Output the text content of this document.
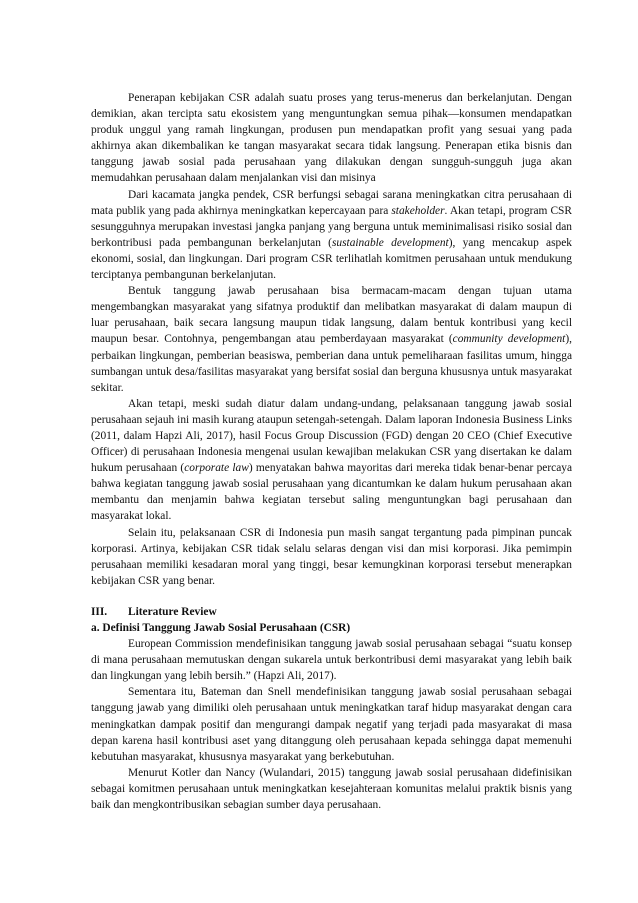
Penerapan kebijakan CSR adalah suatu proses yang terus-menerus dan berkelanjutan. Dengan demikian, akan tercipta satu ekosistem yang menguntungkan semua pihak—konsumen mendapatkan produk unggul yang ramah lingkungan, produsen pun mendapatkan profit yang sesuai yang pada akhirnya akan dikembalikan ke tangan masyarakat secara tidak langsung. Penerapan etika bisnis dan tanggung jawab sosial pada perusahaan yang dilakukan dengan sungguh-sungguh juga akan memudahkan perusahaan dalam menjalankan visi dan misinya

Dari kacamata jangka pendek, CSR berfungsi sebagai sarana meningkatkan citra perusahaan di mata publik yang pada akhirnya meningkatkan kepercayaan para stakeholder. Akan tetapi, program CSR sesungguhnya merupakan investasi jangka panjang yang berguna untuk meminimalisasi risiko sosial dan berkontribusi pada pembangunan berkelanjutan (sustainable development), yang mencakup aspek ekonomi, sosial, dan lingkungan. Dari program CSR terlihatlah komitmen perusahaan untuk mendukung terciptanya pembangunan berkelanjutan.

Bentuk tanggung jawab perusahaan bisa bermacam-macam dengan tujuan utama mengembangkan masyarakat yang sifatnya produktif dan melibatkan masyarakat di dalam maupun di luar perusahaan, baik secara langsung maupun tidak langsung, dalam bentuk kontribusi yang kecil maupun besar. Contohnya, pengembangan atau pemberdayaan masyarakat (community development), perbaikan lingkungan, pemberian beasiswa, pemberian dana untuk pemeliharaan fasilitas umum, hingga sumbangan untuk desa/fasilitas masyarakat yang bersifat sosial dan berguna khususnya untuk masyarakat sekitar.

Akan tetapi, meski sudah diatur dalam undang-undang, pelaksanaan tanggung jawab sosial perusahaan sejauh ini masih kurang ataupun setengah-setengah. Dalam laporan Indonesia Business Links (2011, dalam Hapzi Ali, 2017), hasil Focus Group Discussion (FGD) dengan 20 CEO (Chief Executive Officer) di perusahaan Indonesia mengenai usulan kewajiban melakukan CSR yang disertakan ke dalam hukum perusahaan (corporate law) menyatakan bahwa mayoritas dari mereka tidak benar-benar percaya bahwa kegiatan tanggung jawab sosial perusahaan yang dicantumkan ke dalam hukum perusahaan akan membantu dan menjamin bahwa kegiatan tersebut saling menguntungkan bagi perusahaan dan masyarakat lokal.

Selain itu, pelaksanaan CSR di Indonesia pun masih sangat tergantung pada pimpinan puncak korporasi. Artinya, kebijakan CSR tidak selalu selaras dengan visi dan misi korporasi. Jika pemimpin perusahaan memiliki kesadaran moral yang tinggi, besar kemungkinan korporasi tersebut menerapkan kebijakan CSR yang benar.

III.	Literature Review
a. Definisi Tanggung Jawab Sosial Perusahaan (CSR)

European Commission mendefinisikan tanggung jawab sosial perusahaan sebagai “suatu konsep di mana perusahaan memutuskan dengan sukarela untuk berkontribusi demi masyarakat yang lebih baik dan lingkungan yang lebih bersih.” (Hapzi Ali, 2017).

Sementara itu, Bateman dan Snell mendefinisikan tanggung jawab sosial perusahaan sebagai tanggung jawab yang dimiliki oleh perusahaan untuk meningkatkan taraf hidup masyarakat dengan cara meningkatkan dampak positif dan mengurangi dampak negatif yang terjadi pada masyarakat di masa depan karena hasil kontribusi aset yang ditanggung oleh perusahaan kepada sehingga dapat memenuhi kebutuhan masyarakat, khususnya masyarakat yang berkebutuhan.

Menurut Kotler dan Nancy (Wulandari, 2015) tanggung jawab sosial perusahaan didefinisikan sebagai komitmen perusahaan untuk meningkatkan kesejahteraan komunitas melalui praktik bisnis yang baik dan mengkontribusikan sebagian sumber daya perusahaan.
